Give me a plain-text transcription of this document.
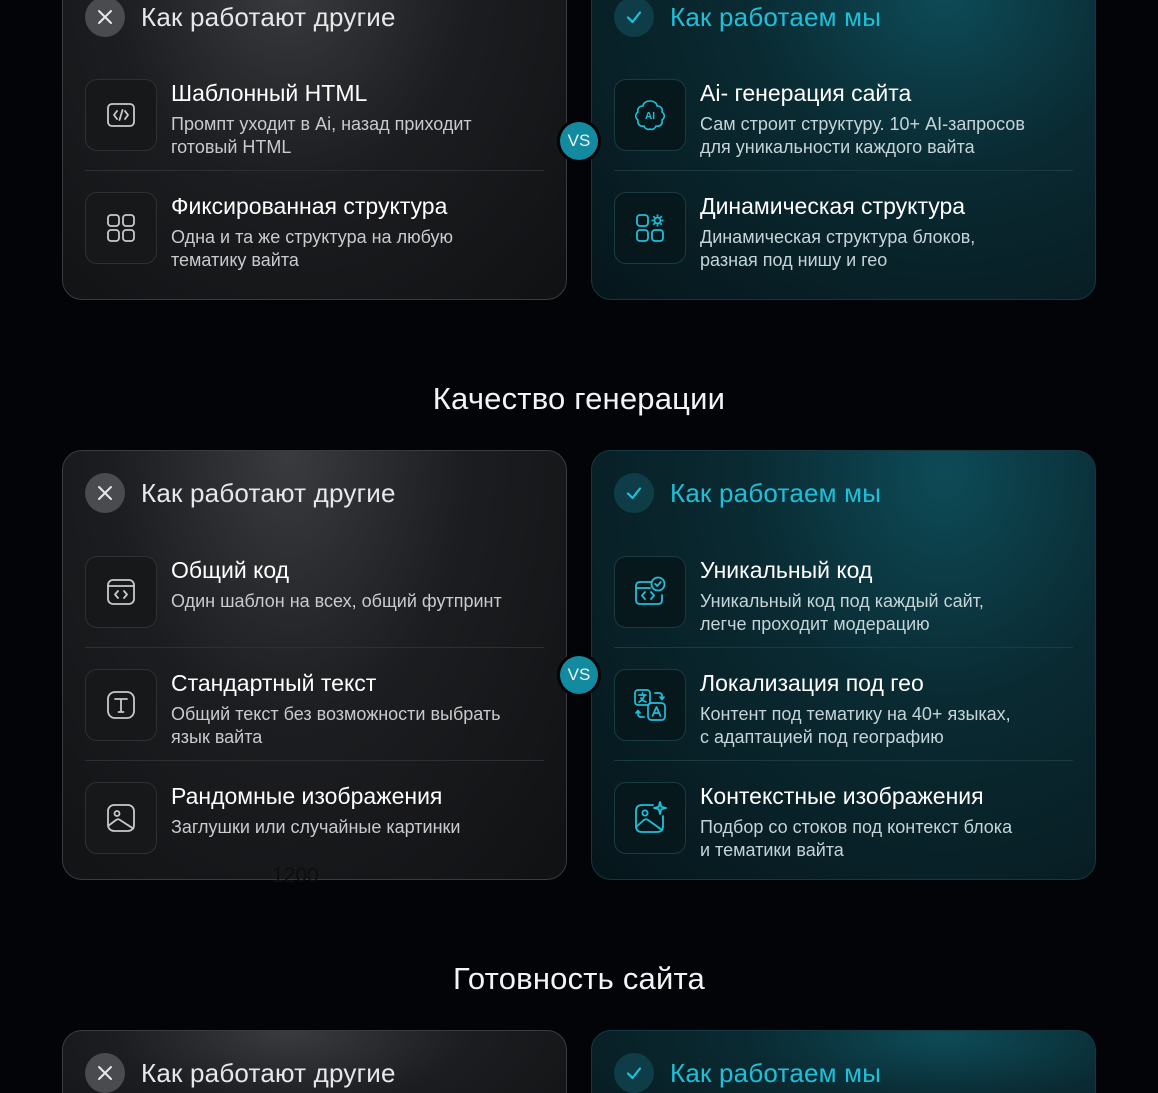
Как работают другие
Шаблонный HTML
Промпт уходит в Ai, назад приходит
готовый HTML
Фиксированная структура
Одна и та же структура на любую
тематику вайта
Как работаем мы
AI
Ai- генерация сайта
Сам строит структуру. 10+ AI-запросов
для уникальности каждого вайта
Динамическая структура
Динамическая структура блоков,
разная под нишу и гео
VS
Качество генерации
Как работают другие
Общий код
Один шаблон на всех, общий футпринт
Стандартный текст
Общий текст без возможности выбрать
язык вайта
Рандомные изображения
Заглушки или случайные картинки
Как работаем мы
Уникальный код
Уникальный код под каждый сайт,
легче проходит модерацию
Локализация под гео
Контент под тематику на 40+ языках,
с адаптацией под географию
Контекстные изображения
Подбор со стоков под контекст блока
и тематики вайта
VS
1200
Готовность сайта
Как работают другие	Как работаем мы
